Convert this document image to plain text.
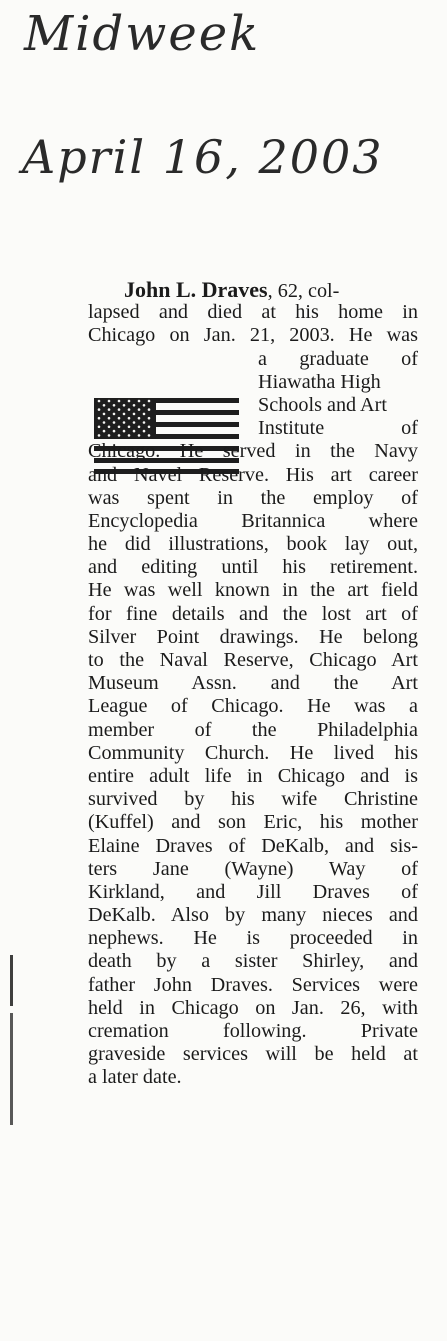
Midweek
April 16, 2003
John L. Draves, 62, col-
lapsed and died at his home in
Chicago on Jan. 21, 2003. He was
a graduate of
Hiawatha High
Schools and Art
Institute of
Chicago. He served in the Navy
and Navel Reserve. His art career
was spent in the employ of
Encyclopedia Britannica where
he did illustrations, book lay out,
and editing until his retirement.
He was well known in the art field
for fine details and the lost art of
Silver Point drawings. He belong
to the Naval Reserve, Chicago Art
Museum Assn. and the Art
League of Chicago. He was a
member of the Philadelphia
Community Church. He lived his
entire adult life in Chicago and is
survived by his wife Christine
(Kuffel) and son Eric, his mother
Elaine Draves of DeKalb, and sis-
ters Jane (Wayne) Way of
Kirkland, and Jill Draves of
DeKalb. Also by many nieces and
nephews. He is proceeded in
death by a sister Shirley, and
father John Draves. Services were
held in Chicago on Jan. 26, with
cremation following. Private
graveside services will be held at
a later date.
